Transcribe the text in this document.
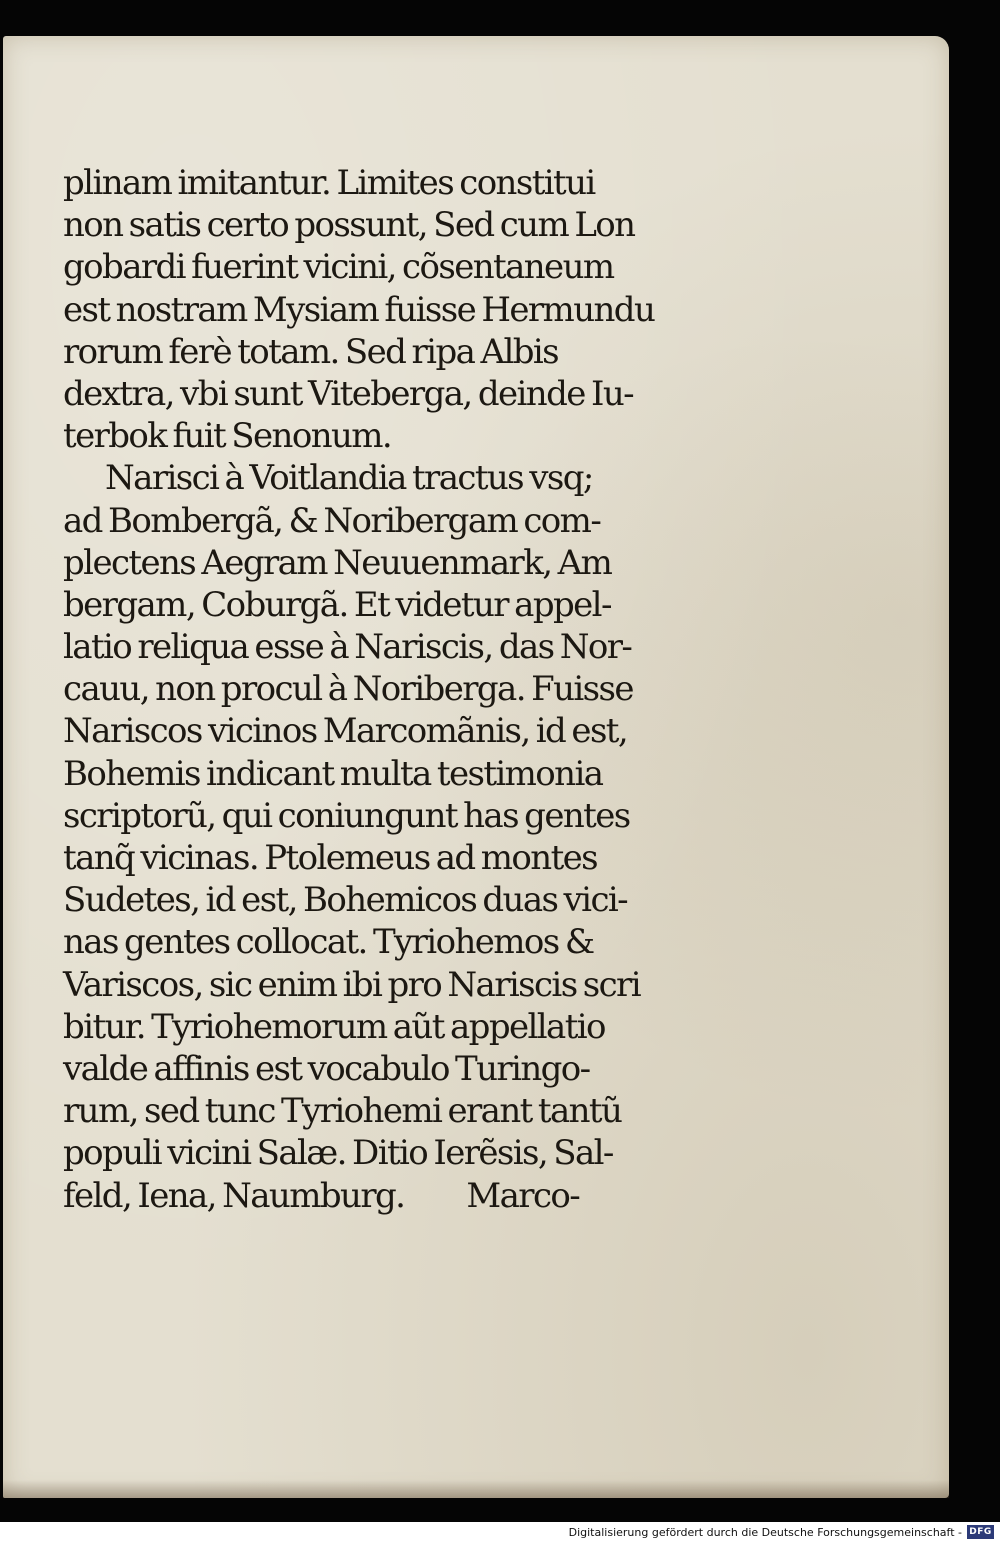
plinam imitantur. Limites constitui
non satis certo possunt, Sed cum Lon
gobardi fuerint vicini, cõsentaneum
est nostram Mysiam fuisse Hermundu
rorum ferè totam. Sed ripa Albis
dextra, vbi sunt Viteberga, deinde Iu-
terbok fuit Senonum.
Narisci à Voitlandia tractus vsq;
ad Bombergã, & Noribergam com-
plectens Aegram Neuuenmark, Am
bergam, Coburgã. Et videtur appel-
latio reliqua esse à Nariscis, das Nor-
cauu, non procul à Noriberga. Fuisse
Nariscos vicinos Marcomãnis, id est,
Bohemis indicant multa testimonia
scriptorũ, qui coniungunt has gentes
tanq̃ vicinas. Ptolemeus ad montes
Sudetes, id est, Bohemicos duas vici-
nas gentes collocat. Tyriohemos &
Variscos, sic enim ibi pro Nariscis scri
bitur. Tyriohemorum aũt appellatio
valde affinis est vocabulo Turingo-
rum, sed tunc Tyriohemi erant tantũ
populi vicini Salæ. Ditio Ierẽsis, Sal-
feld, Iena, Naumburg.          Marco-
Digitalisierung gefördert durch die Deutsche Forschungsgemeinschaft - DFG
